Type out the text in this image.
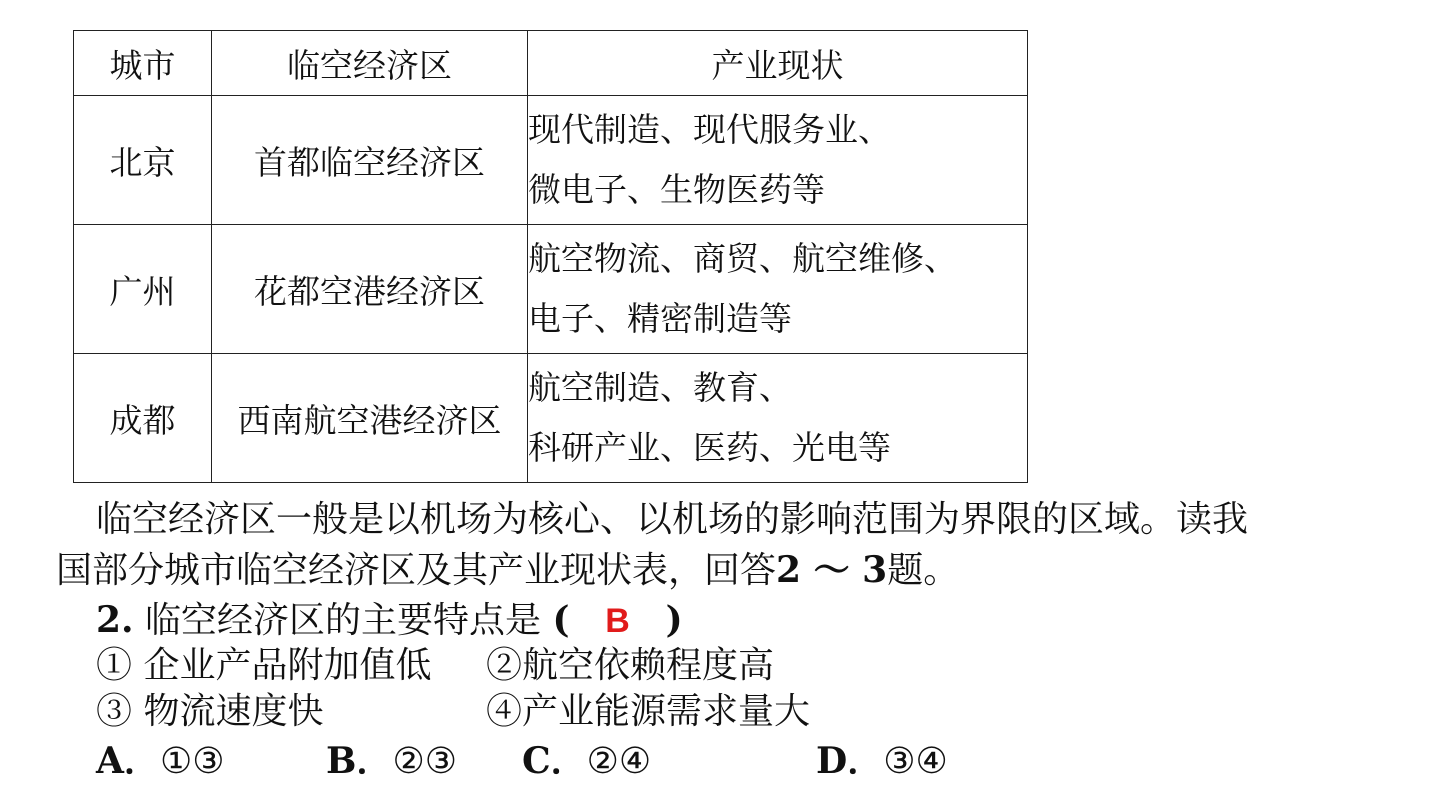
城市	临空经济区	产业现状
北京	首都临空经济区	现代制造、现代服务业、
微电子、生物医药等

广州	花都空港经济区	航空物流、商贸、航空维修、
电子、精密制造等

成都	西南航空港经济区	航空制造、教育、
科研产业、医药、光电等
临空经济区一般是以机场为核心、以机场的影响范围为界限的区域。读我
国部分城市临空经济区及其产业现状表，回答2 ～ 3题。
2. 临空经济区的主要特点是 ( B )
① 企业产品附加值低 ②航空依赖程度高
③ 物流速度快	④产业能源需求量大
A．①③	B．②③ C．②④	D．③④
